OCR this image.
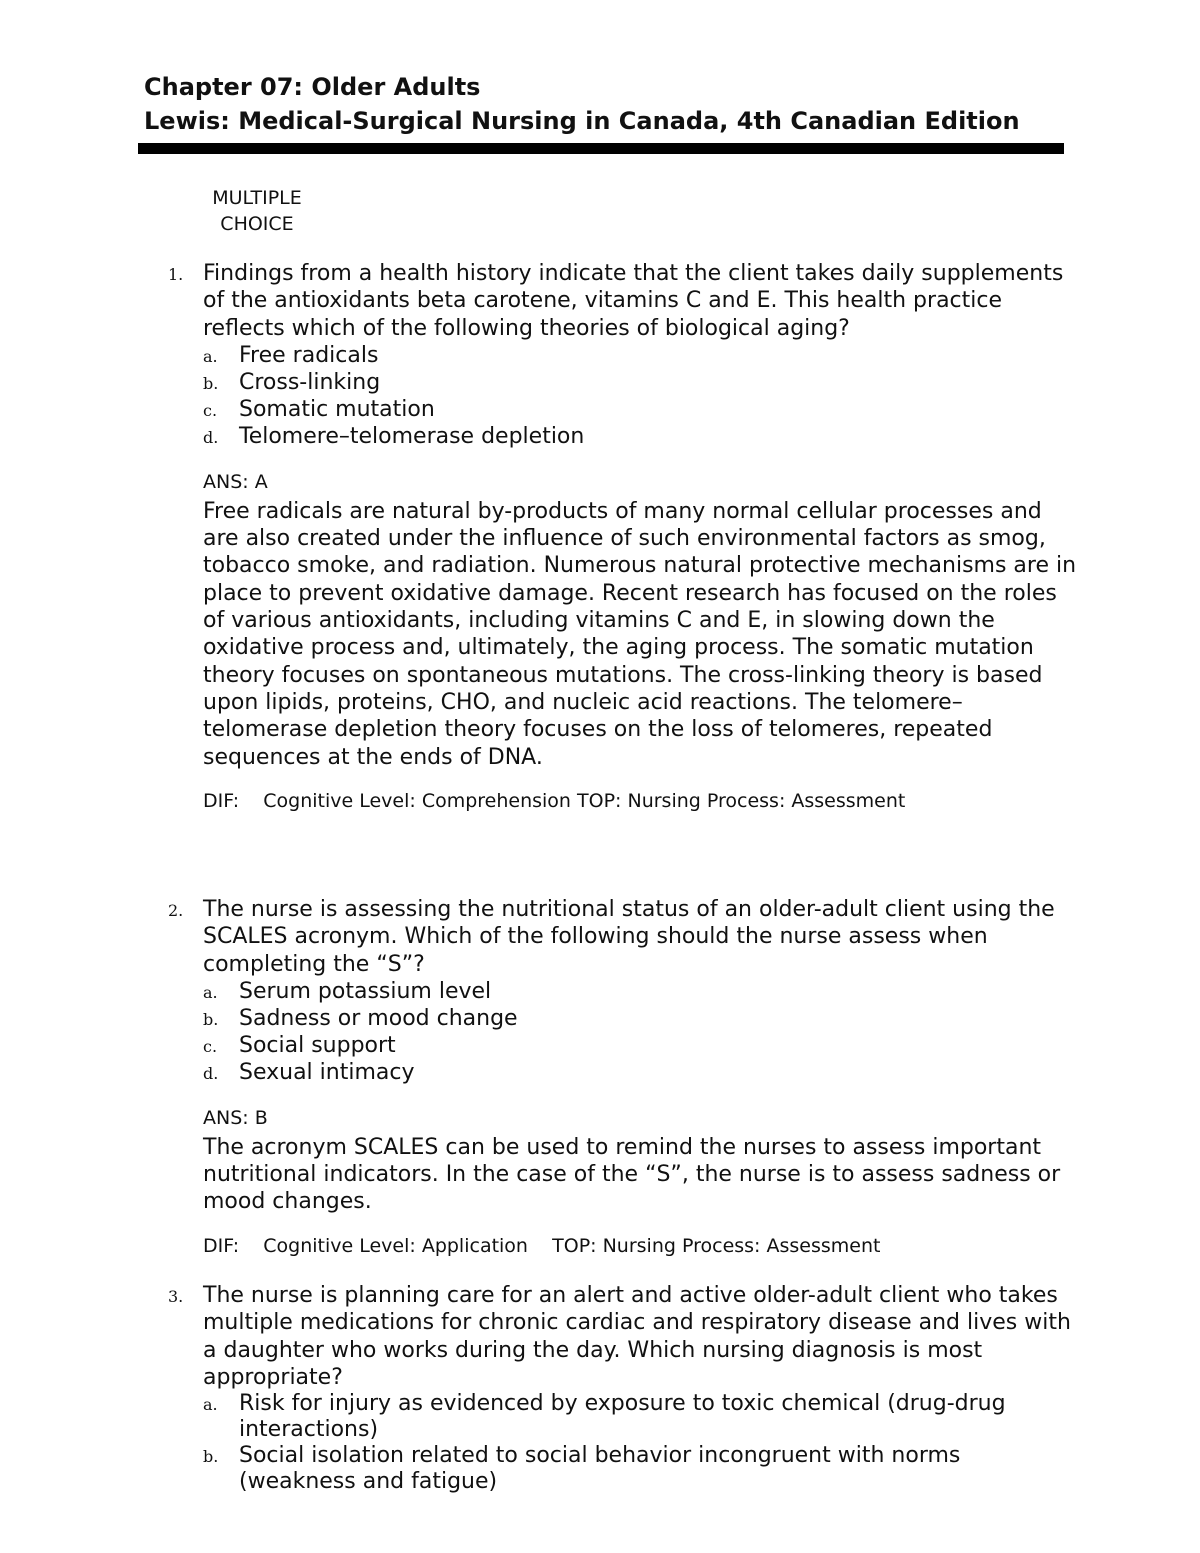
Chapter 07: Older Adults

Lewis: Medical-Surgical Nursing in Canada, 4th Canadian Edition

MULTIPLE CHOICE
1. Findings from a health history indicate that the client takes daily supplements of the antioxidants beta carotene, vitamins C and E. This health practice reflects which of the following theories of biological aging?

a. Free radicals
b. Cross-linking
c. Somatic mutation
d. Telomere–telomerase depletion
ANS: A

Free radicals are natural by-products of many normal cellular processes and are also created under the influence of such environmental factors as smog, tobacco smoke, and radiation. Numerous natural protective mechanisms are in place to prevent oxidative damage. Recent research has focused on the roles of various antioxidants, including vitamins C and E, in slowing down the oxidative process and, ultimately, the aging process. The somatic mutation theory focuses on spontaneous mutations. The cross-linking theory is based upon lipids, proteins, CHO, and nucleic acid reactions. The telomere–telomerase depletion theory focuses on the loss of telomeres, repeated sequences at the ends of DNA.

DIF:    Cognitive Level: Comprehension TOP: Nursing Process: Assessment
2. The nurse is assessing the nutritional status of an older-adult client using the SCALES acronym. Which of the following should the nurse assess when completing the “S”?

a. Serum potassium level
b. Sadness or mood change
c. Social support
d. Sexual intimacy
ANS: B

The acronym SCALES can be used to remind the nurses to assess important nutritional indicators. In the case of the “S”, the nurse is to assess sadness or mood changes.

DIF:    Cognitive Level: Application    TOP: Nursing Process: Assessment
3. The nurse is planning care for an alert and active older-adult client who takes multiple medications for chronic cardiac and respiratory disease and lives with a daughter who works during the day. Which nursing diagnosis is most appropriate?

a. Risk for injury as evidenced by exposure to toxic chemical (drug-drug interactions)
b. Social isolation related to social behavior incongruent with norms (weakness and fatigue)
